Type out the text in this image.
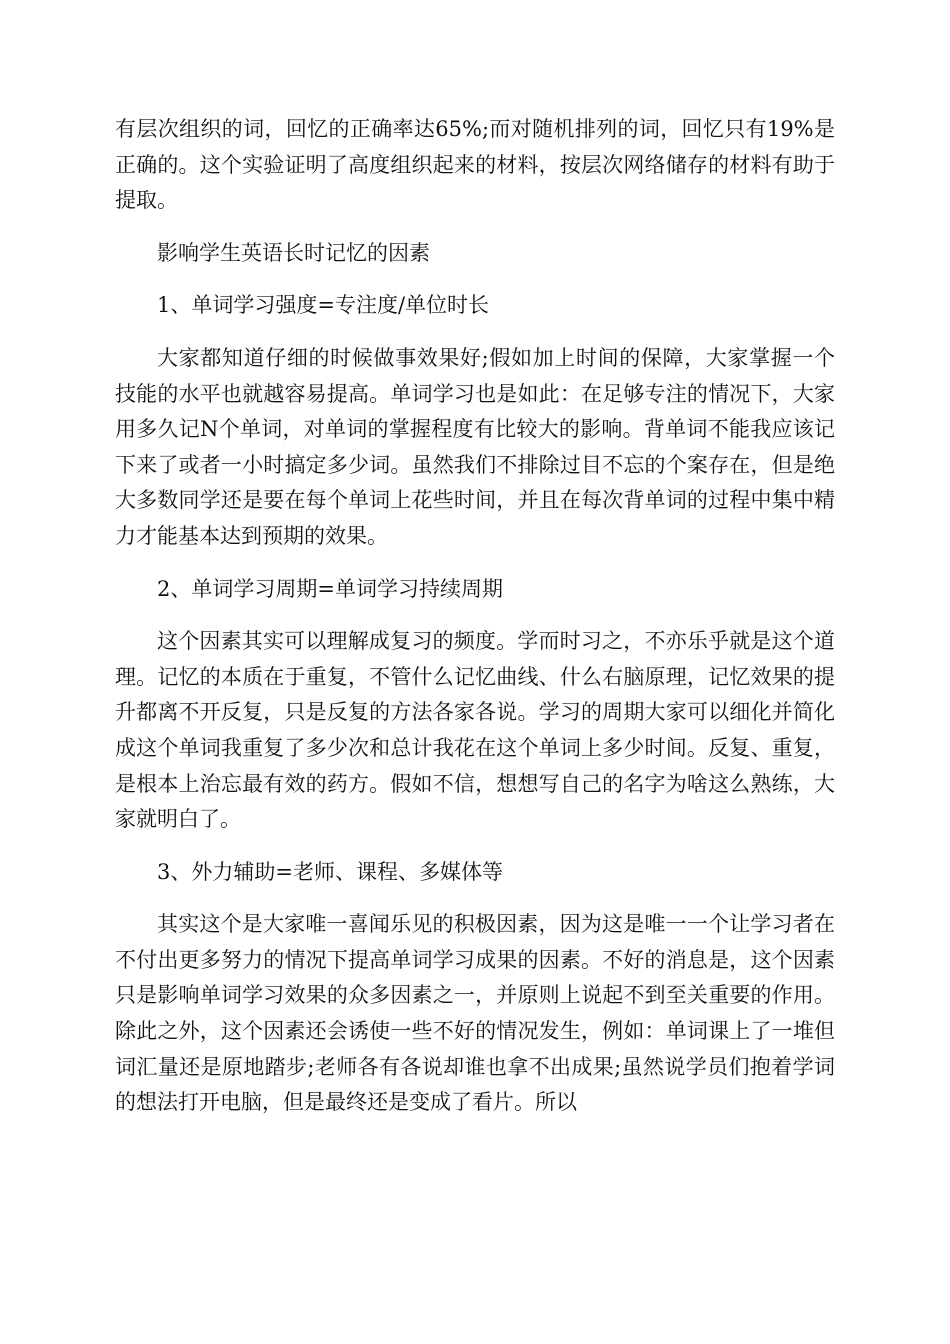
有层次组织的词，回忆的正确率达65%;而对随机排列的词，回忆只有19%是正确的。这个实验证明了高度组织起来的材料，按层次网络储存的材料有助于提取。

影响学生英语长时记忆的因素

1、单词学习强度=专注度/单位时长

大家都知道仔细的时候做事效果好;假如加上时间的保障，大家掌握一个技能的水平也就越容易提高。单词学习也是如此：在足够专注的情况下，大家用多久记N个单词，对单词的掌握程度有比较大的影响。背单词不能我应该记下来了或者一小时搞定多少词。虽然我们不排除过目不忘的个案存在，但是绝大多数同学还是要在每个单词上花些时间，并且在每次背单词的过程中集中精力才能基本达到预期的效果。

2、单词学习周期=单词学习持续周期

这个因素其实可以理解成复习的频度。学而时习之，不亦乐乎就是这个道理。记忆的本质在于重复，不管什么记忆曲线、什么右脑原理，记忆效果的提升都离不开反复，只是反复的方法各家各说。学习的周期大家可以细化并简化成这个单词我重复了多少次和总计我花在这个单词上多少时间。反复、重复，是根本上治忘最有效的药方。假如不信，想想写自己的名字为啥这么熟练，大家就明白了。

3、外力辅助=老师、课程、多媒体等

其实这个是大家唯一喜闻乐见的积极因素，因为这是唯一一个让学习者在不付出更多努力的情况下提高单词学习成果的因素。不好的消息是，这个因素只是影响单词学习效果的众多因素之一，并原则上说起不到至关重要的作用。除此之外，这个因素还会诱使一些不好的情况发生，例如：单词课上了一堆但词汇量还是原地踏步;老师各有各说却谁也拿不出成果;虽然说学员们抱着学词的想法打开电脑，但是最终还是变成了看片。所以
